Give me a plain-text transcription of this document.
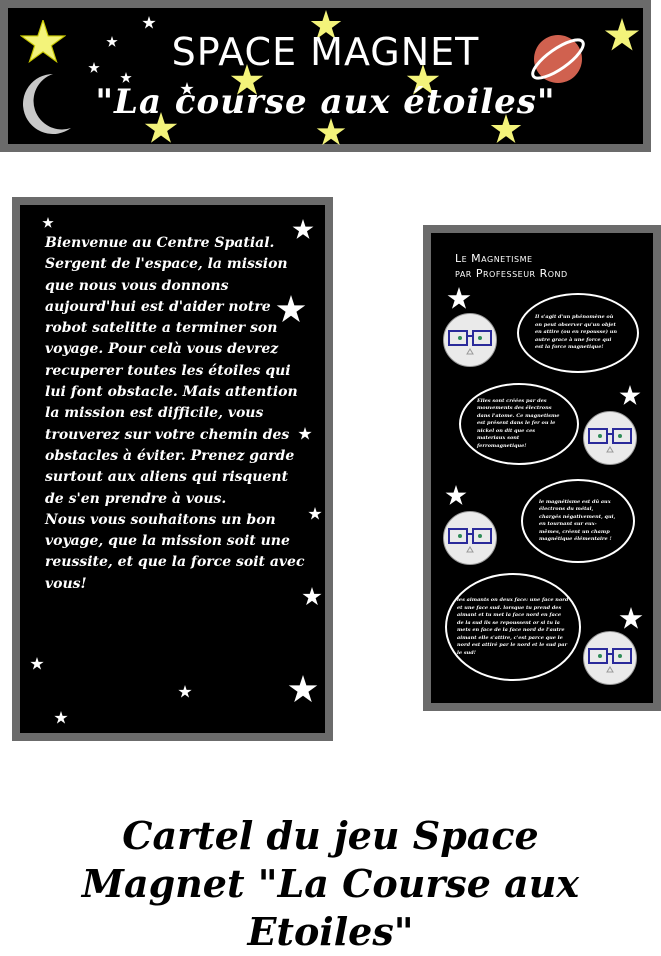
SPACE MAGNET
"La course aux étoiles"

Bienvenue au Centre Spatial. Sergent de l'espace, la mission que nous vous donnons aujourd'hui est d'aider notre robot satelitte a terminer son voyage. Pour celà vous devrez recuperer toutes les étoiles qui lui font obstacle. Mais attention la mission est difficile, vous trouverez sur votre chemin des obstacles à éviter. Prenez garde surtout aux aliens qui risquent de s'en prendre à vous.
Nous vous souhaitons un bon voyage, que la mission soit une reussite, et que la force soit avec vous!

Le Magnetisme
par Professeur Rond

Il s'agit d'un phénomène où on peut observer qu'un objet en attire (ou en repousse) un autre grace à une force qui est la force magnetique!
Elles sont créées par des mouvements des électrons dans l'atome. Ce magnetisme est présent dans le fer ou le nickel on dit que ces materiaux sont ferromagnetique!
le magnétisme est dû aux électrons du métal, chargés négativement, qui, en tournant sur eux-mêmes, créent un champ magnétique élémentaire !
les aimants on deux face: une face nord et une face sud. lorsque tu prend des aimant et tu met la face nord en face de la sud ils se repoussent or si tu la mets en face de la face nord de l'autre aimant elle s'attire, c'est parce que le nord est attiré par le nord et le sud par le sud!

Cartel du jeu Space
Magnet "La Course aux
Etoiles"
